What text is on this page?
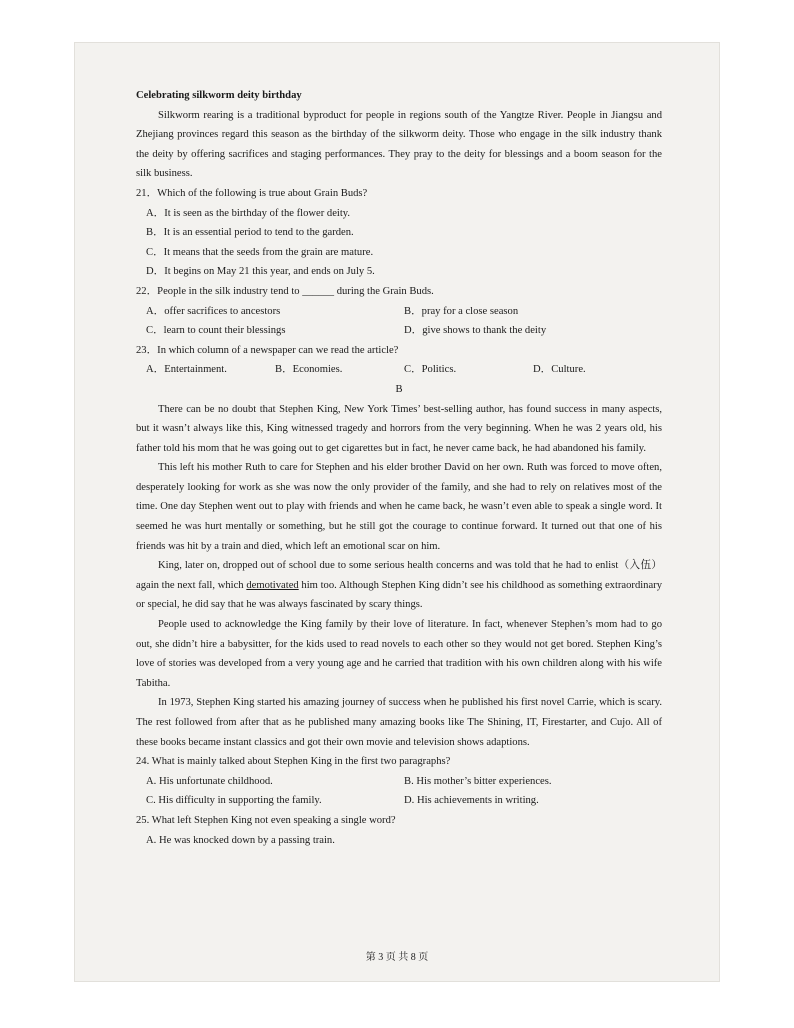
Celebrating silkworm deity birthday

Silkworm rearing is a traditional byproduct for people in regions south of the Yangtze River. People in Jiangsu and Zhejiang provinces regard this season as the birthday of the silkworm deity. Those who engage in the silk industry thank the deity by offering sacrifices and staging performances. They pray to the deity for blessings and a boom season for the silk business.

21．Which of the following is true about Grain Buds?

A．It is seen as the birthday of the flower deity.

B．It is an essential period to tend to the garden.

C．It means that the seeds from the grain are mature.

D．It begins on May 21 this year, and ends on July 5.

22．People in the silk industry tend to ______ during the Grain Buds.

A．offer sacrifices to ancestors	B．pray for a close season

C．learn to count their blessings	D．give shows to thank the deity

23．In which column of a newspaper can we read the article?

A．Entertainment.	B．Economies.	C．Politics.	D．Culture.

B

There can be no doubt that Stephen King, New York Times’ best-selling author, has found success in many aspects, but it wasn’t always like this, King witnessed tragedy and horrors from the very beginning. When he was 2 years old, his father told his mom that he was going out to get cigarettes but in fact, he never came back, he had abandoned his family.

This left his mother Ruth to care for Stephen and his elder brother David on her own. Ruth was forced to move often, desperately looking for work as she was now the only provider of the family, and she had to rely on relatives most of the time. One day Stephen went out to play with friends and when he came back, he wasn’t even able to speak a single word. It seemed he was hurt mentally or something, but he still got the courage to continue forward. It turned out that one of his friends was hit by a train and died, which left an emotional scar on him.

King, later on, dropped out of school due to some serious health concerns and was told that he had to enlist（入伍）again the next fall, which demotivated him too. Although Stephen King didn’t see his childhood as something extraordinary or special, he did say that he was always fascinated by scary things.

People used to acknowledge the King family by their love of literature. In fact, whenever Stephen’s mom had to go out, she didn’t hire a babysitter, for the kids used to read novels to each other so they would not get bored. Stephen King’s love of stories was developed from a very young age and he carried that tradition with his own children along with his wife Tabitha.

In 1973, Stephen King started his amazing journey of success when he published his first novel Carrie, which is scary. The rest followed from after that as he published many amazing books like The Shining, IT, Firestarter, and Cujo. All of these books became instant classics and got their own movie and television shows adaptions.

24. What is mainly talked about Stephen King in the first two paragraphs?

A. His unfortunate childhood.	B. His mother’s bitter experiences.

C. His difficulty in supporting the family.	D. His achievements in writing.

25. What left Stephen King not even speaking a single word?

A. He was knocked down by a passing train.

第 3 页 共 8 页
